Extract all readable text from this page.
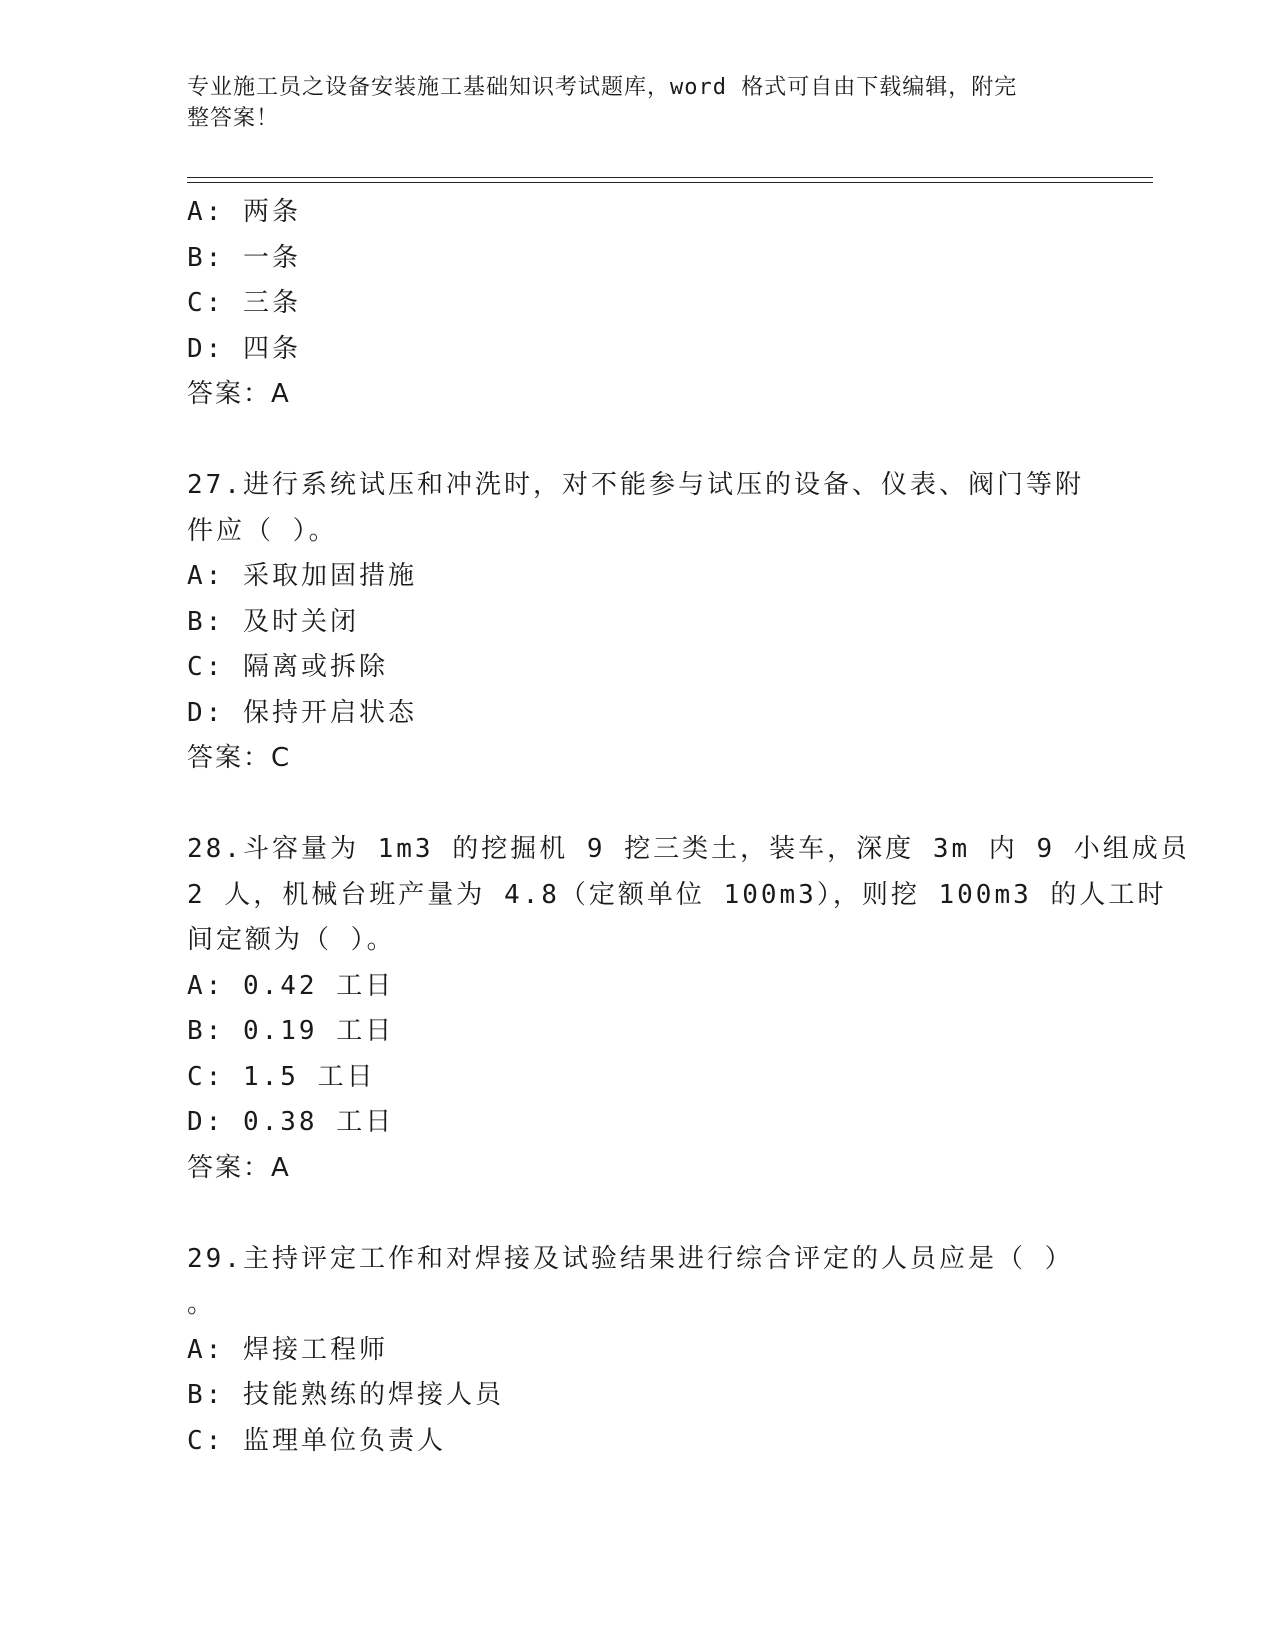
专业施工员之设备安装施工基础知识考试题库，word 格式可自由下载编辑，附完
整答案！
A: 两条
B: 一条
C: 三条
D: 四条
答案：A
27.进行系统试压和冲洗时，对不能参与试压的设备、仪表、阀门等附
件应（ ）。
A: 采取加固措施
B: 及时关闭
C: 隔离或拆除
D: 保持开启状态
答案：C
28.斗容量为 1m3 的挖掘机 9 挖三类土，装车，深度 3m 内 9 小组成员
2 人，机械台班产量为 4.8（定额单位 100m3），则挖 100m3 的人工时
间定额为（ ）。
A: 0.42 工日
B: 0.19 工日
C: 1.5 工日
D: 0.38 工日
答案：A
29.主持评定工作和对焊接及试验结果进行综合评定的人员应是（ ）
。
A: 焊接工程师
B: 技能熟练的焊接人员
C: 监理单位负责人
